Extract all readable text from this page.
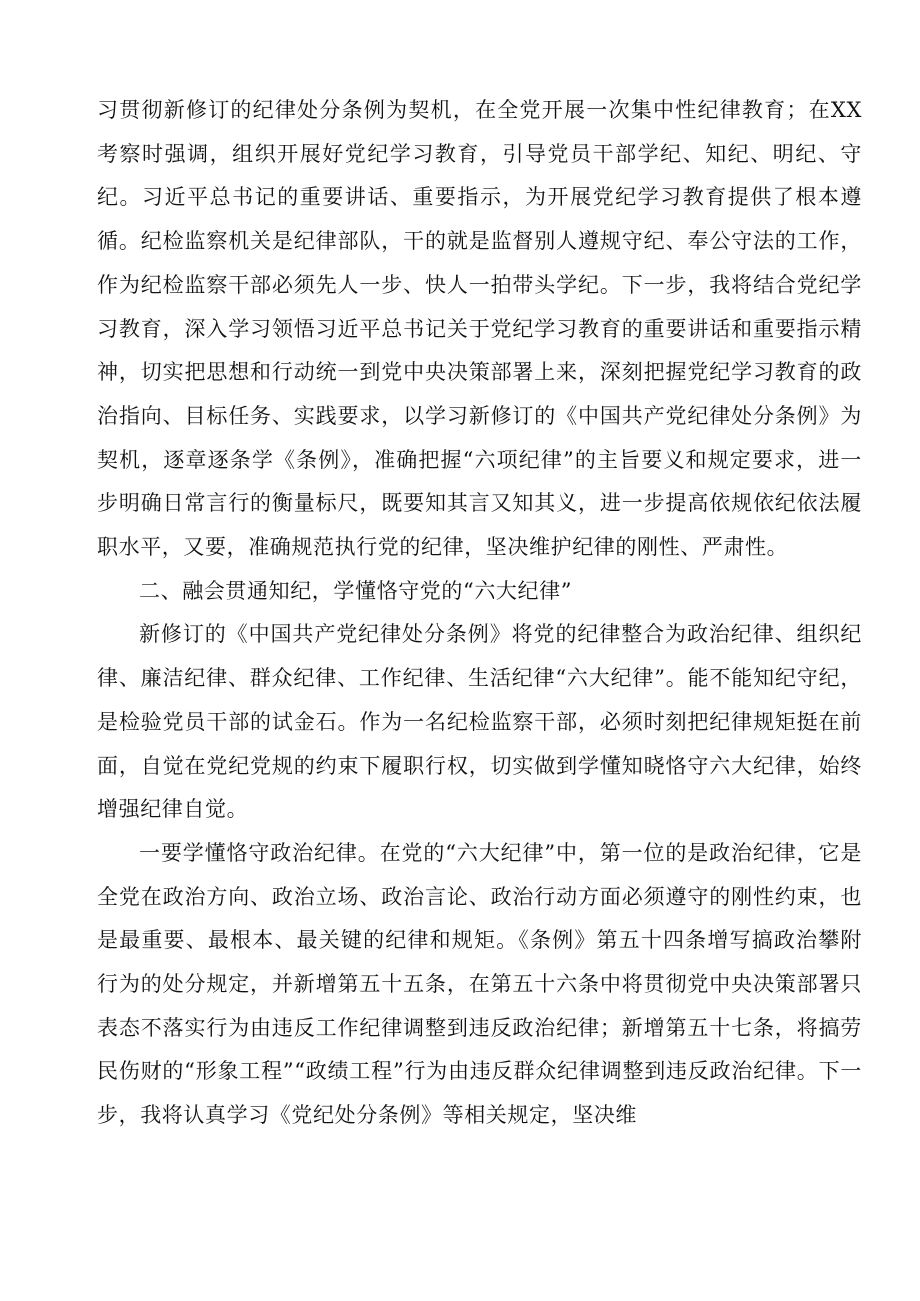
习贯彻新修订的纪律处分条例为契机，在全党开展一次集中性纪律教育；在XX考察时强调，组织开展好党纪学习教育，引导党员干部学纪、知纪、明纪、守纪。习近平总书记的重要讲话、重要指示，为开展党纪学习教育提供了根本遵循。纪检监察机关是纪律部队，干的就是监督别人遵规守纪、奉公守法的工作，作为纪检监察干部必须先人一步、快人一拍带头学纪。下一步，我将结合党纪学习教育，深入学习领悟习近平总书记关于党纪学习教育的重要讲话和重要指示精神，切实把思想和行动统一到党中央决策部署上来，深刻把握党纪学习教育的政治指向、目标任务、实践要求，以学习新修订的《中国共产党纪律处分条例》为契机，逐章逐条学《条例》，准确把握“六项纪律”的主旨要义和规定要求，进一步明确日常言行的衡量标尺，既要知其言又知其义，进一步提高依规依纪依法履职水平，又要，准确规范执行党的纪律，坚决维护纪律的刚性、严肃性。

二、融会贯通知纪，学懂恪守党的“六大纪律”

新修订的《中国共产党纪律处分条例》将党的纪律整合为政治纪律、组织纪律、廉洁纪律、群众纪律、工作纪律、生活纪律“六大纪律”。能不能知纪守纪，是检验党员干部的试金石。作为一名纪检监察干部，必须时刻把纪律规矩挺在前面，自觉在党纪党规的约束下履职行权，切实做到学懂知晓恪守六大纪律，始终增强纪律自觉。

一要学懂恪守政治纪律。在党的“六大纪律”中，第一位的是政治纪律，它是全党在政治方向、政治立场、政治言论、政治行动方面必须遵守的刚性约束，也是最重要、最根本、最关键的纪律和规矩。《条例》第五十四条增写搞政治攀附行为的处分规定，并新增第五十五条，在第五十六条中将贯彻党中央决策部署只表态不落实行为由违反工作纪律调整到违反政治纪律；新增第五十七条，将搞劳民伤财的“形象工程”“政绩工程”行为由违反群众纪律调整到违反政治纪律。下一步，我将认真学习《党纪处分条例》等相关规定，坚决维
